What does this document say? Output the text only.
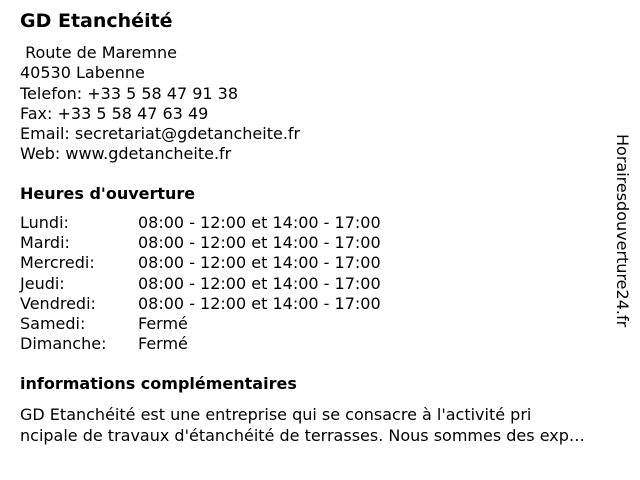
GD Etanchéité
Route de Maremne
40530 Labenne
Telefon: +33 5 58 47 91 38
Fax: +33 5 58 47 63 49
Email: secretariat@gdetancheite.fr
Web: www.gdetancheite.fr
Heures d'ouverture
Lundi:	08:00 - 12:00 et 14:00 - 17:00
Mardi:	08:00 - 12:00 et 14:00 - 17:00
Mercredi:	08:00 - 12:00 et 14:00 - 17:00
Jeudi:	08:00 - 12:00 et 14:00 - 17:00
Vendredi:	08:00 - 12:00 et 14:00 - 17:00
Samedi:	Fermé
Dimanche: Fermé
informations complémentaires
GD Etanchéité est une entreprise qui se consacre à l'activité pri
ncipale de travaux d'étanchéité de terrasses. Nous sommes des exp…
Horairesdouverture24.fr
